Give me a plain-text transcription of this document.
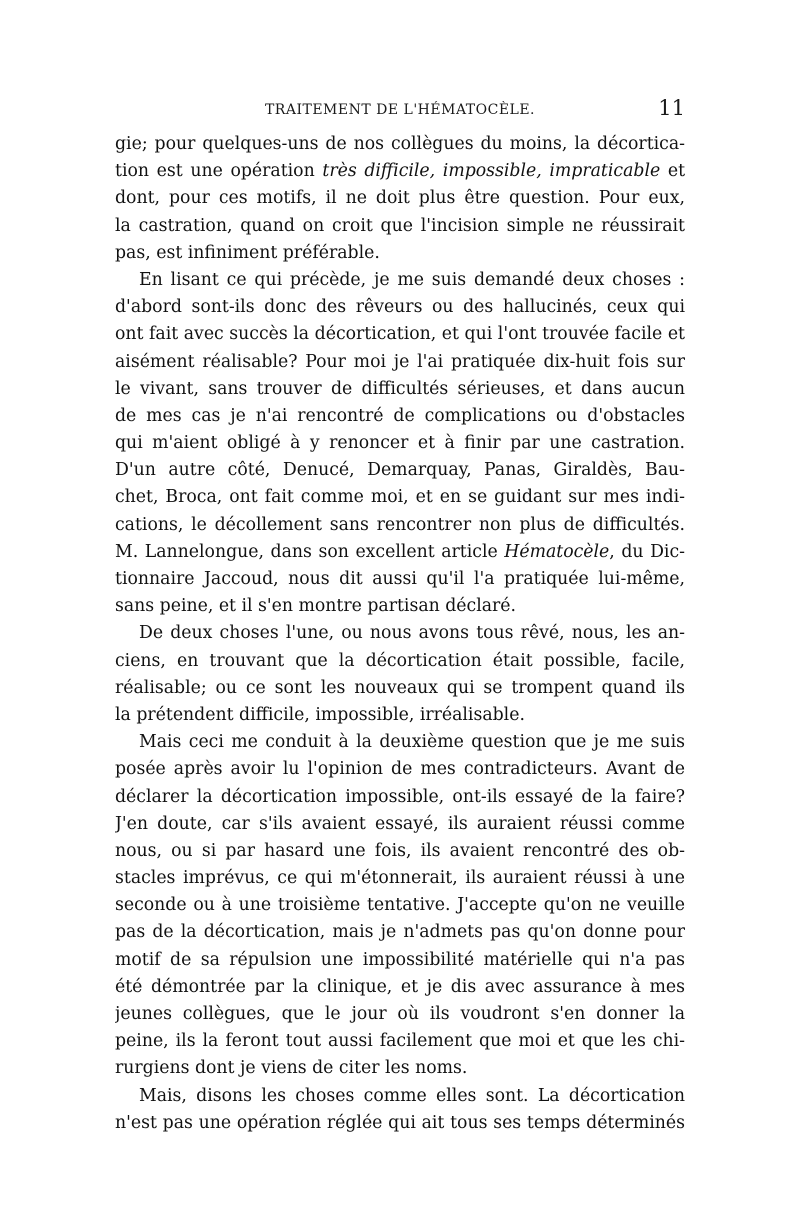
TRAITEMENT DE L'HÉMATOCÈLE.	11
gie; pour quelques-uns de nos collègues du moins, la décortica-
tion est une opération très difficile, impossible, impraticable et
dont, pour ces motifs, il ne doit plus être question. Pour eux,
la castration, quand on croit que l'incision simple ne réussirait
pas, est infiniment préférable.
En lisant ce qui précède, je me suis demandé deux choses :
d'abord sont-ils donc des rêveurs ou des hallucinés, ceux qui
ont fait avec succès la décortication, et qui l'ont trouvée facile et
aisément réalisable? Pour moi je l'ai pratiquée dix-huit fois sur
le vivant, sans trouver de difficultés sérieuses, et dans aucun
de mes cas je n'ai rencontré de complications ou d'obstacles
qui m'aient obligé à y renoncer et à finir par une castration.
D'un autre côté, Denucé, Demarquay, Panas, Giraldès, Bau-
chet, Broca, ont fait comme moi, et en se guidant sur mes indi-
cations, le décollement sans rencontrer non plus de difficultés.
M. Lannelongue, dans son excellent article Hématocèle, du Dic-
tionnaire Jaccoud, nous dit aussi qu'il l'a pratiquée lui-même,
sans peine, et il s'en montre partisan déclaré.
De deux choses l'une, ou nous avons tous rêvé, nous, les an-
ciens, en trouvant que la décortication était possible, facile,
réalisable; ou ce sont les nouveaux qui se trompent quand ils
la prétendent difficile, impossible, irréalisable.
Mais ceci me conduit à la deuxième question que je me suis
posée après avoir lu l'opinion de mes contradicteurs. Avant de
déclarer la décortication impossible, ont-ils essayé de la faire?
J'en doute, car s'ils avaient essayé, ils auraient réussi comme
nous, ou si par hasard une fois, ils avaient rencontré des ob-
stacles imprévus, ce qui m'étonnerait, ils auraient réussi à une
seconde ou à une troisième tentative. J'accepte qu'on ne veuille
pas de la décortication, mais je n'admets pas qu'on donne pour
motif de sa répulsion une impossibilité matérielle qui n'a pas
été démontrée par la clinique, et je dis avec assurance à mes
jeunes collègues, que le jour où ils voudront s'en donner la
peine, ils la feront tout aussi facilement que moi et que les chi-
rurgiens dont je viens de citer les noms.
Mais, disons les choses comme elles sont. La décortication
n'est pas une opération réglée qui ait tous ses temps déterminés
